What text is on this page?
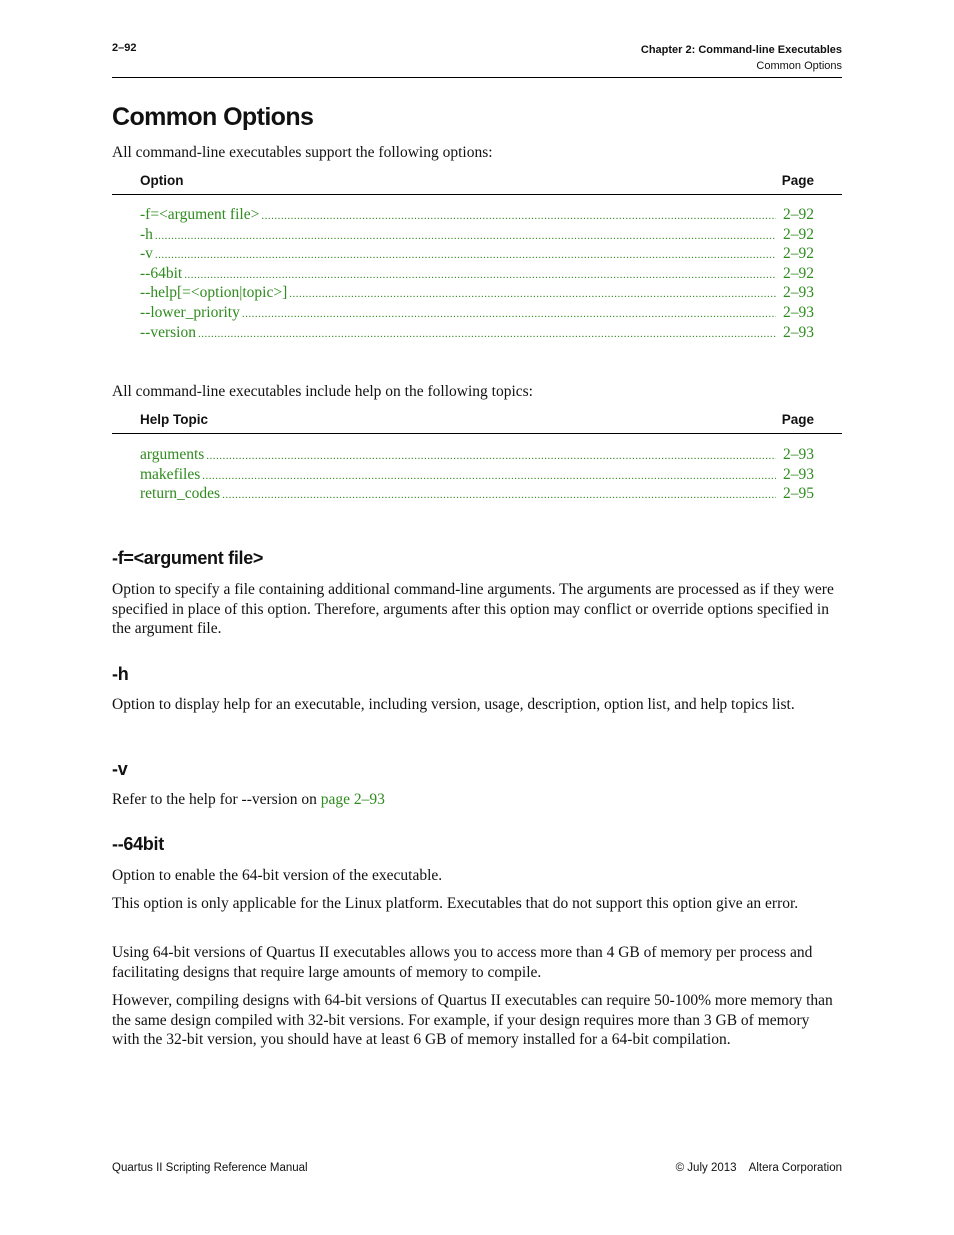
2–92	Chapter 2: Command-line Executables
Common Options
Common Options

All command-line executables support the following options:

Option	Page
-f=<argument file> .....	2–92
-h .....	2–92
-v .....	2–92
--64bit .....	2–92
--help[=<option|topic>] .....	2–93
--lower_priority .....	2–93
--version .....	2–93

All command-line executables include help on the following topics:

Help Topic	Page
arguments .....	2–93
makefiles .....	2–93
return_codes .....	2–95
-f=<argument file>

Option to specify a file containing additional command-line arguments. The arguments are processed as if they were specified in place of this option. Therefore, arguments after this option may conflict or override options specified in the argument file.

-h

Option to display help for an executable, including version, usage, description, option list, and help topics list.

-v

Refer to the help for --version on page 2–93

--64bit

Option to enable the 64-bit version of the executable.

This option is only applicable for the Linux platform. Executables that do not support this option give an error.

Using 64-bit versions of Quartus II executables allows you to access more than 4 GB of memory per process and facilitating designs that require large amounts of memory to compile.

However, compiling designs with 64-bit versions of Quartus II executables can require 50-100% more memory than the same design compiled with 32-bit versions. For example, if your design requires more than 3 GB of memory with the 32-bit version, you should have at least 6 GB of memory installed for a 64-bit compilation.

Quartus II Scripting Reference Manual	© July 2013    Altera Corporation
